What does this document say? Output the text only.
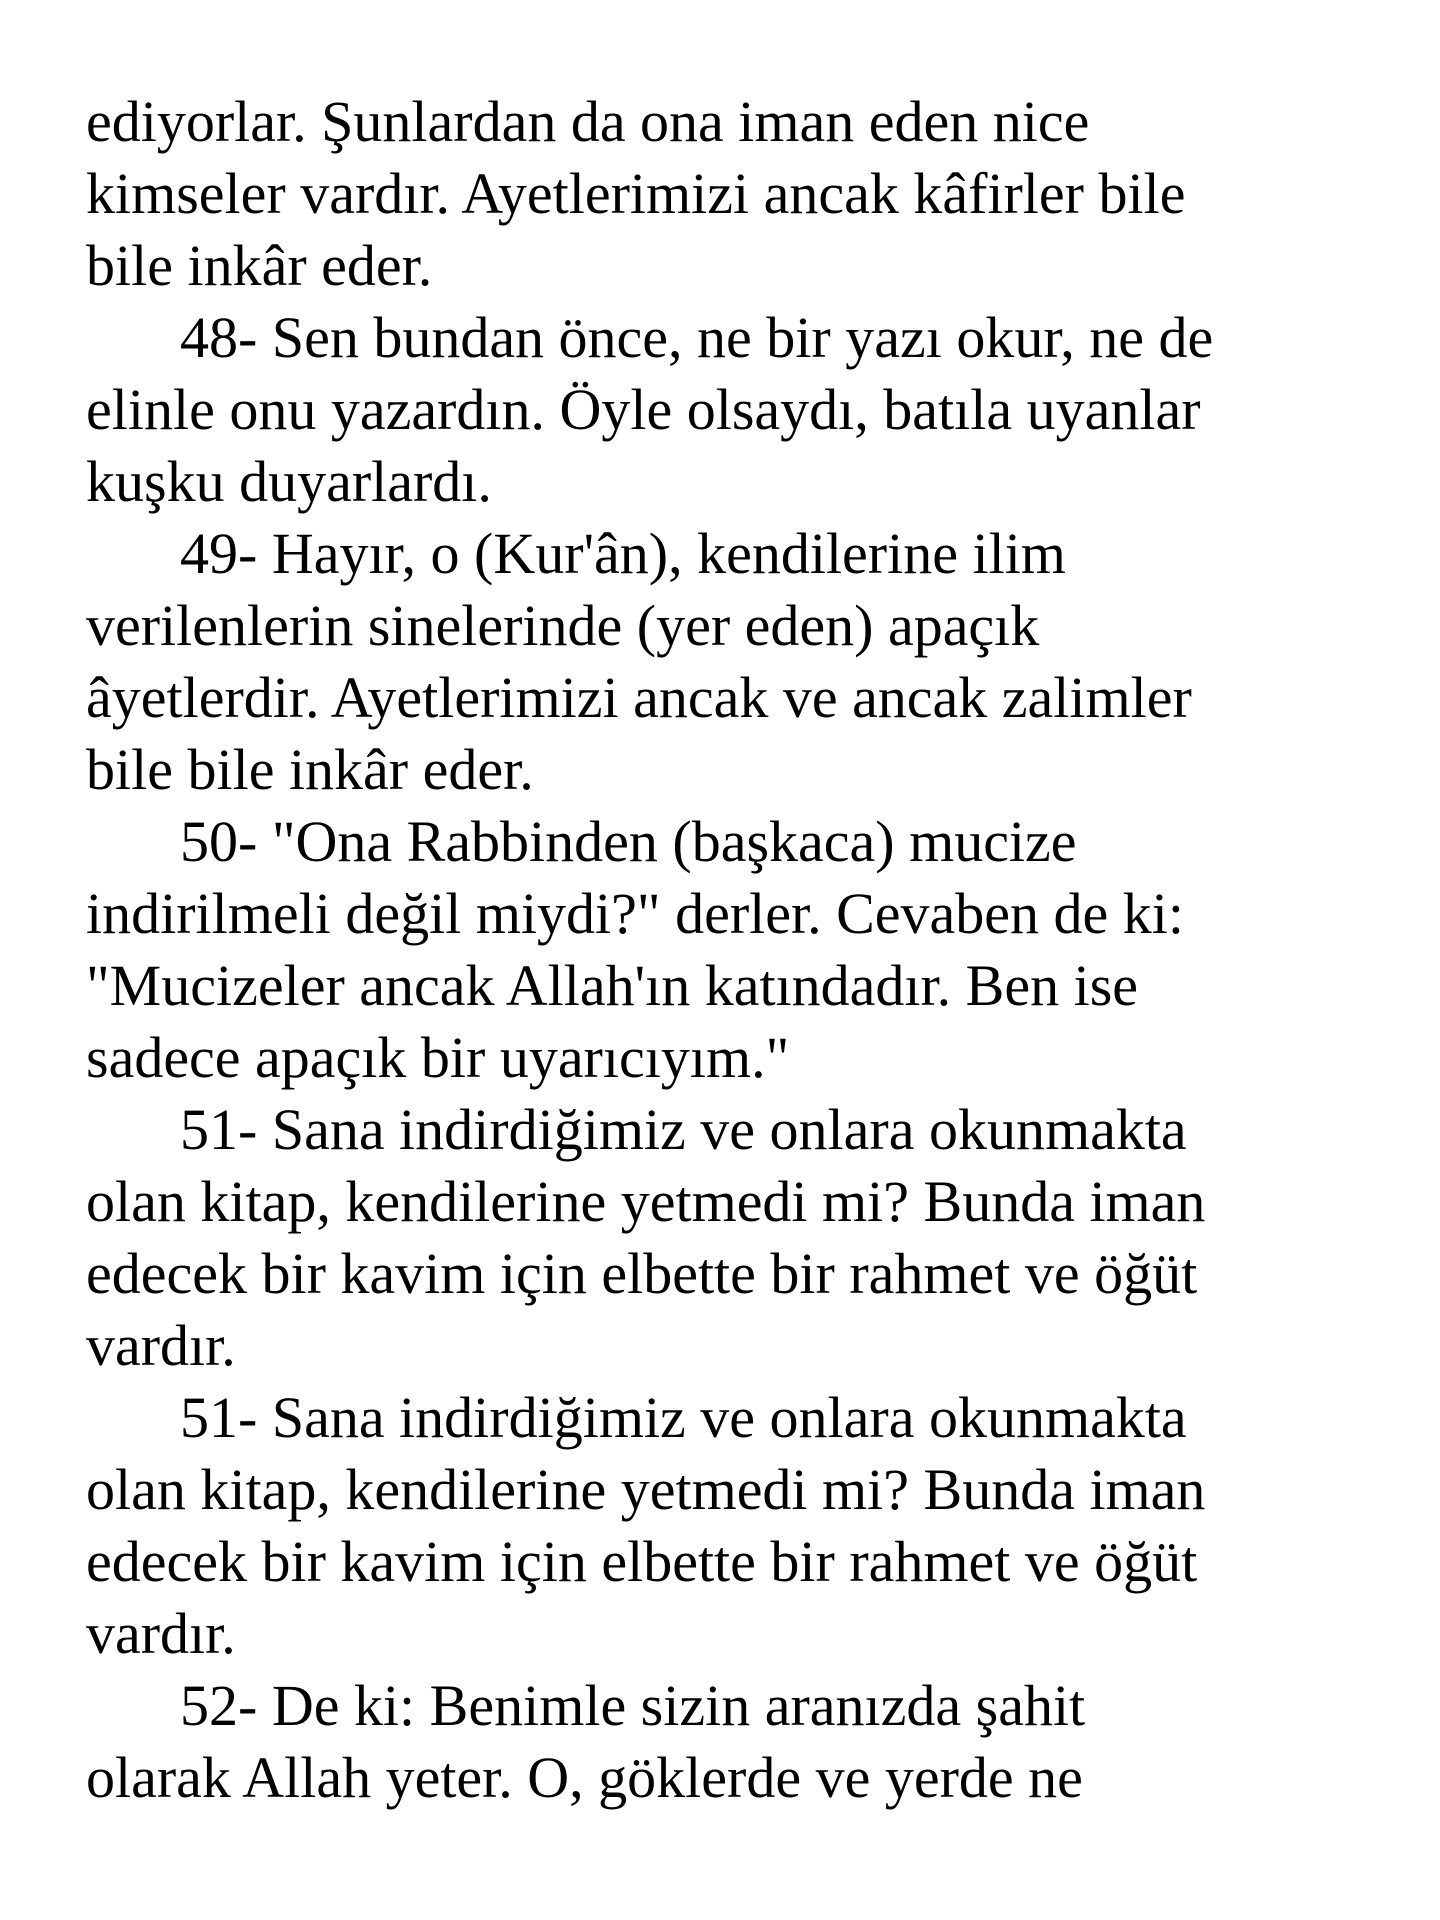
ediyorlar. Şunlardan da ona iman eden nice
kimseler vardır. Ayetlerimizi ancak kâfirler bile
bile inkâr eder.
48- Sen bundan önce, ne bir yazı okur, ne de
elinle onu yazardın. Öyle olsaydı, batıla uyanlar
kuşku duyarlardı.
49- Hayır, o (Kur'ân), kendilerine ilim
verilenlerin sinelerinde (yer eden) apaçık
âyetlerdir. Ayetlerimizi ancak ve ancak zalimler
bile bile inkâr eder.
50- "Ona Rabbinden (başkaca) mucize
indirilmeli değil miydi?" derler. Cevaben de ki:
"Mucizeler ancak Allah'ın katındadır. Ben ise
sadece apaçık bir uyarıcıyım."
51- Sana indirdiğimiz ve onlara okunmakta
olan kitap, kendilerine yetmedi mi? Bunda iman
edecek bir kavim için elbette bir rahmet ve öğüt
vardır.
51- Sana indirdiğimiz ve onlara okunmakta
olan kitap, kendilerine yetmedi mi? Bunda iman
edecek bir kavim için elbette bir rahmet ve öğüt
vardır.
52- De ki: Benimle sizin aranızda şahit
olarak Allah yeter. O, göklerde ve yerde ne
